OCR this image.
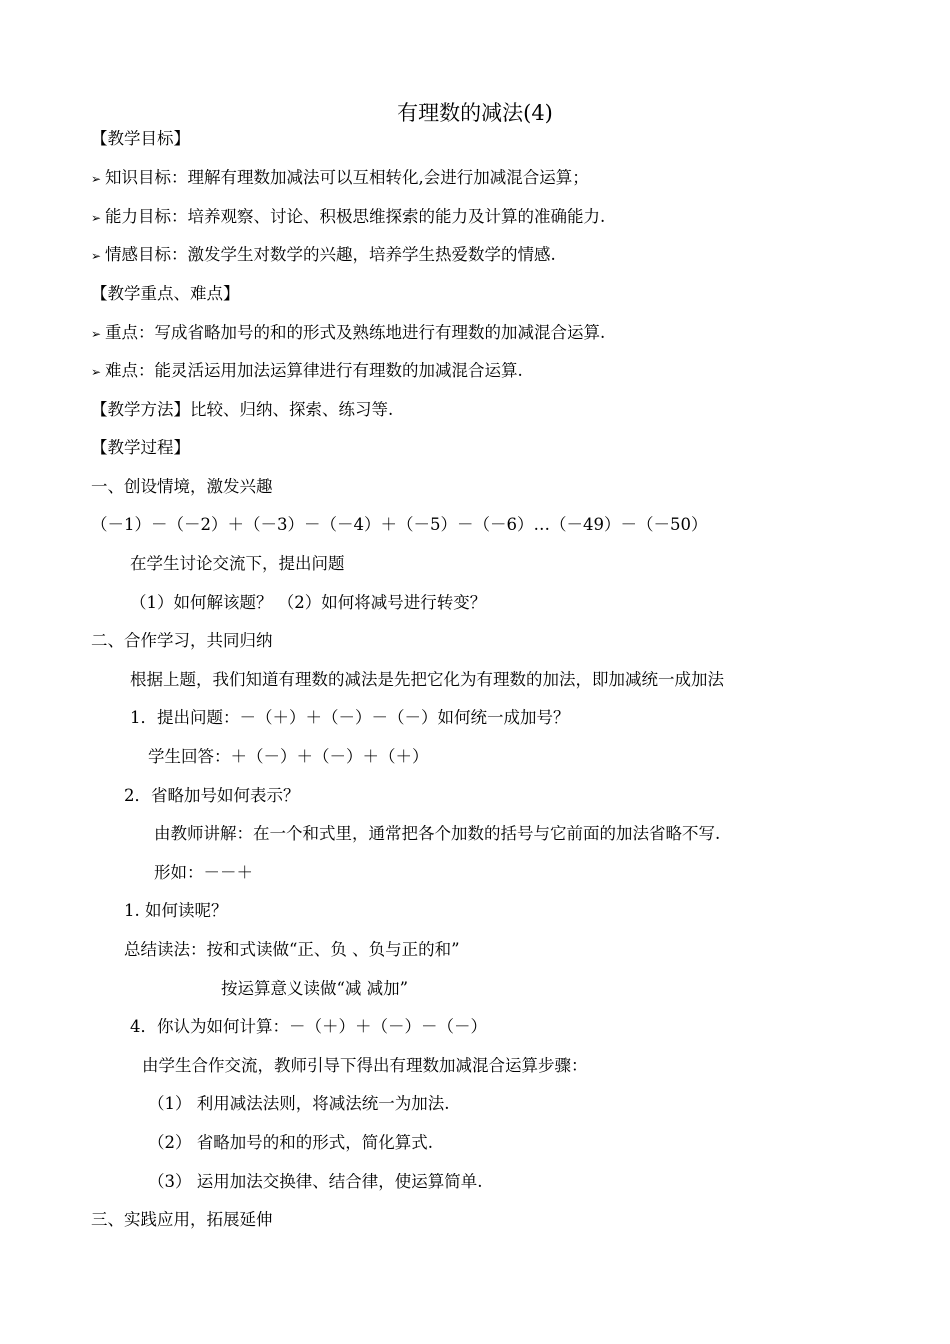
有理数的减法(4)
【教学目标】
➢ 知识目标：理解有理数加减法可以互相转化,会进行加减混合运算；
➢ 能力目标：培养观察、讨论、积极思维探索的能力及计算的准确能力.
➢ 情感目标：激发学生对数学的兴趣，培养学生热爱数学的情感.
【教学重点、难点】
➢ 重点：写成省略加号的和的形式及熟练地进行有理数的加减混合运算.
➢ 难点：能灵活运用加法运算律进行有理数的加减混合运算.
【教学方法】比较、归纳、探索、练习等.
【教学过程】
一、创设情境，激发兴趣
（－1）－（－2）＋（－3）－（－4）＋（－5）－（－6）…（－49）－（－50）
在学生讨论交流下，提出问题
（1）如何解该题？ （2）如何将减号进行转变？
二、合作学习，共同归纳
根据上题，我们知道有理数的减法是先把它化为有理数的加法，即加减统一成加法
1．提出问题：－（＋）＋（－）－（－）如何统一成加号？
学生回答：＋（－）＋（－）＋（＋）
2．省略加号如何表示？
由教师讲解：在一个和式里，通常把各个加数的括号与它前面的加法省略不写.
形如：－－＋
1. 如何读呢？
总结读法：按和式读做“正、负 、负与正的和”
按运算意义读做“减 减加”
4．你认为如何计算：－（＋）＋（－）－（－）
由学生合作交流，教师引导下得出有理数加减混合运算步骤：
（1） 利用减法法则，将减法统一为加法.
（2） 省略加号的和的形式，简化算式.
（3） 运用加法交换律、结合律，使运算简单.
三、实践应用，拓展延伸
